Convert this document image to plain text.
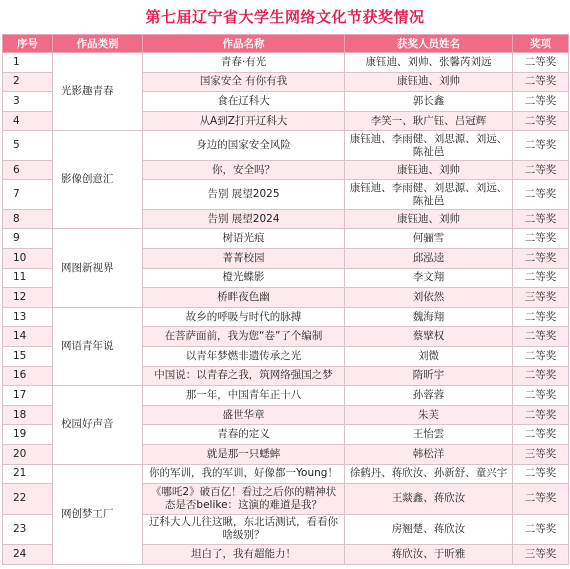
第七届辽宁省大学生网络文化节获奖情况
序号	作品类别	作品名称	获奖人员姓名	奖项
1	光影趣青春	青春·有光	康钰迪、刘帅、张馨芮刘远	二等奖
2		国家安全 有你有我	康钰迪、刘帅	二等奖
3		食在辽科大	郭长鑫	二等奖
4		从A到Z打开辽科大	李笑一、耿广钰、吕冠辉	二等奖
5	影像创意汇	身边的国家安全风险	康钰迪、李雨健、刘思源、刘远、陈祉邑	二等奖
6		你，安全吗？	康钰迪、刘帅	二等奖
7		告别 展望2025	康钰迪、李雨健、刘思源、刘远、陈祉邑	二等奖
8		告别 展望2024	康钰迪、刘帅	二等奖
9	网图新视界	树语光痕	何骊雪	二等奖
10		菁菁校园	邱泓逵	二等奖
11		橙光蝶影	李文翔	二等奖
12		桥畔夜色幽	刘依然	三等奖
13	网语青年说	故乡的呼吸与时代的脉搏	魏海翔	二等奖
14		在菩萨面前，我为您“卷”了个编制	蔡擘权	二等奖
15		以青年梦燃非遗传承之光	刘微	二等奖
16		中国说：以青春之我，筑网络强国之梦	隋昕宇	二等奖
17	校园好声音	那一年，中国青年正十八	孙蓉蓉	二等奖
18		盛世华章	朱芙	二等奖
19		青春的定义	王怡雲	二等奖
20		就是那一只蟋蟀	韩松洋	三等奖
21	网创梦工厂	你的军训，我的军训，好像都一Young！	徐鹤丹、蒋欣汝、孙新舒、童兴宇	二等奖
22		《哪吒2》破百亿！看过之后你的精神状态是否belike：这演的难道是我？	王燚鑫、蒋欣汝	二等奖
23		辽科大人儿往这瞅，东北话测试，看看你啥级别？	房翘楚、蒋欣汝	二等奖
24		坦白了，我有超能力！	蒋欣汝、于昕雅	三等奖
